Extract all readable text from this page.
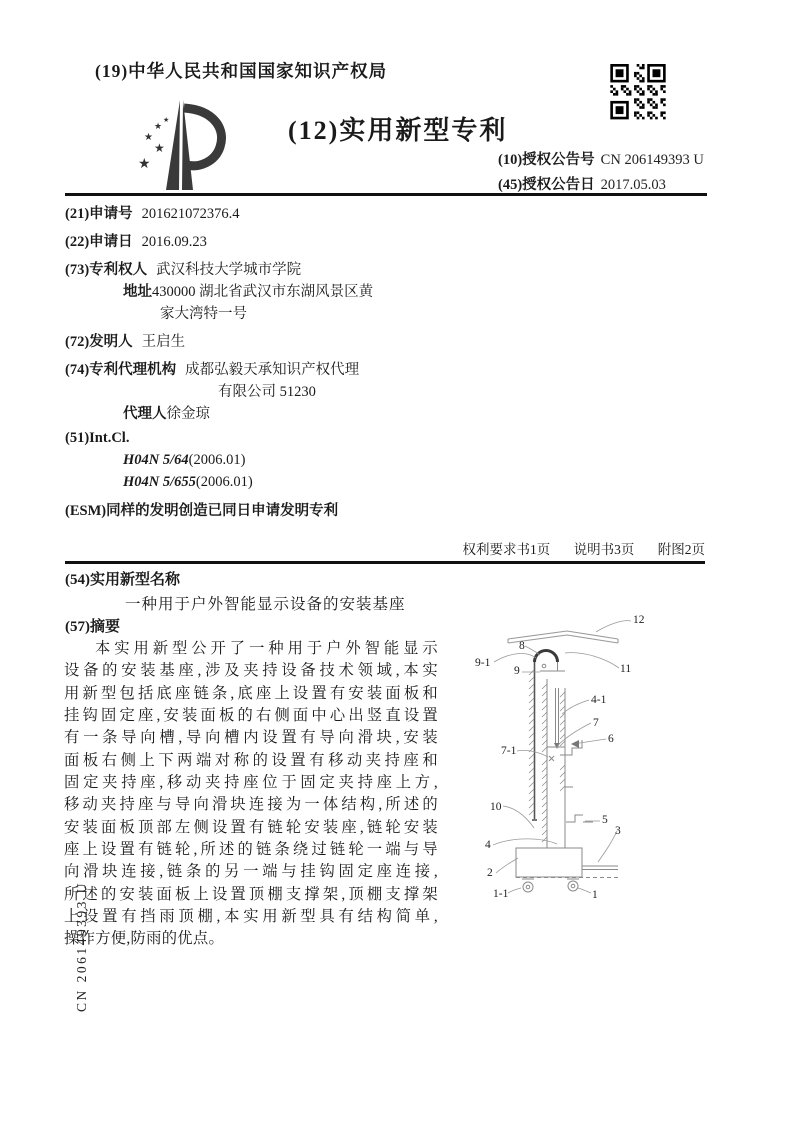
(19)中华人民共和国国家知识产权局
★
★
★
★
★
(12)实用新型专利
(10)授权公告号 CN 206149393 U
(45)授权公告日 2017.05.03
(21)申请号 201621072376.4
(22)申请日 2016.09.23
(73)专利权人 武汉科技大学城市学院
地址430000 湖北省武汉市东湖风景区黄
家大湾特一号
(72)发明人 王启生
(74)专利代理机构 成都弘毅天承知识产权代理
有限公司 51230
代理人徐金琼
(51)Int.Cl.
H04N 5/64(2006.01)
H04N 5/655(2006.01)
(ESM)同样的发明创造已同日申请发明专利
权利要求书1页 说明书3页 附图2页
(54)实用新型名称
一种用于户外智能显示设备的安装基座
(57)摘要
本实用新型公开了一种用于户外智能显示
设备的安装基座,涉及夹持设备技术领域,本实
用新型包括底座链条,底座上设置有安装面板和
挂钩固定座,安装面板的右侧面中心出竖直设置
有一条导向槽,导向槽内设置有导向滑块,安装
面板右侧上下两端对称的设置有移动夹持座和
固定夹持座,移动夹持座位于固定夹持座上方,
移动夹持座与导向滑块连接为一体结构,所述的
安装面板顶部左侧设置有链轮安装座,链轮安装
座上设置有链轮,所述的链条绕过链轮一端与导
向滑块连接,链条的另一端与挂钩固定座连接,
所述的安装面板上设置顶棚支撑架,顶棚支撑架
上设置有挡雨顶棚,本实用新型具有结构简单,
操作方便,防雨的优点。
12
8
9-1
9	11
4-1
7
6
7-1
10
5
3
4
2
1-1	1
CN 206149393 U
